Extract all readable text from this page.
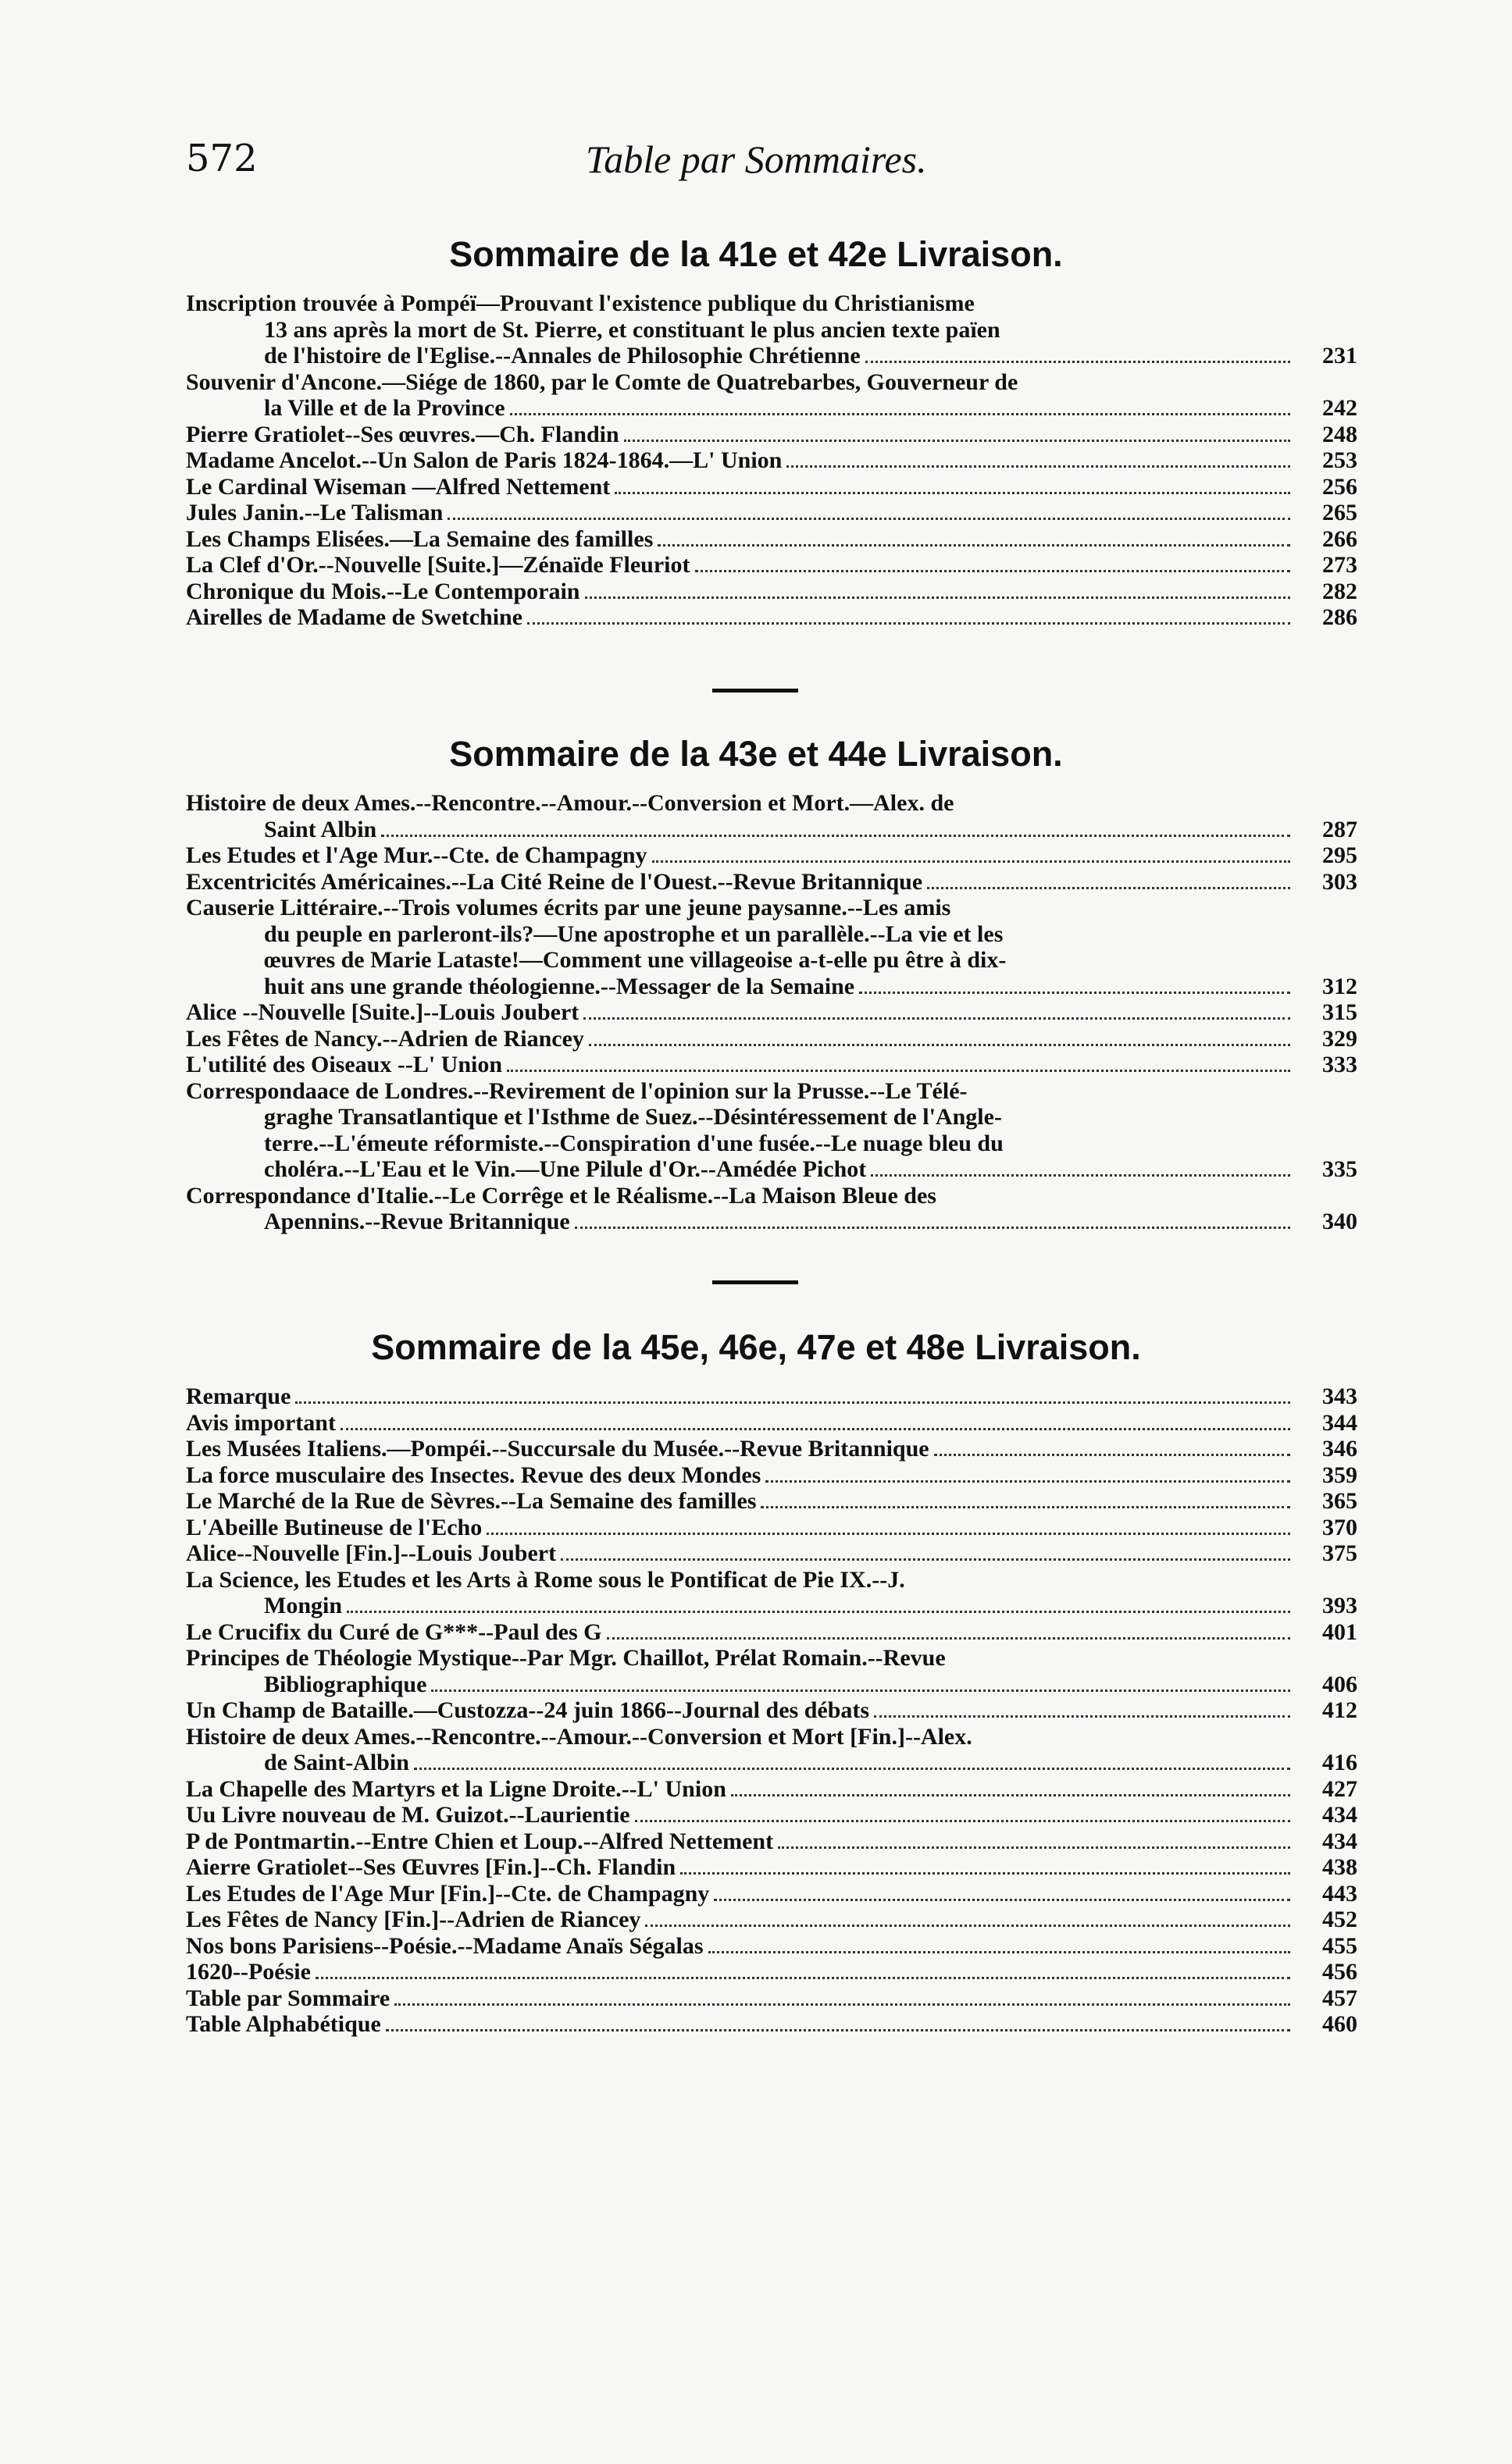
572	Table par Sommaires.
Sommaire de la 41e et 42e Livraison.
Inscription trouvée à Pompéï—Prouvant l'existence publique du Christianisme
13 ans après la mort de St. Pierre, et constituant le plus ancien texte païen
de l'histoire de l'Eglise.--Annales de Philosophie Chrétienne	231
Souvenir d'Ancone.—Siége de 1860, par le Comte de Quatrebarbes, Gouverneur de
la Ville et de la Province	242
Pierre Gratiolet--Ses œuvres.—Ch. Flandin	248
Madame Ancelot.--Un Salon de Paris 1824-1864.—L' Union	253
Le Cardinal Wiseman —Alfred Nettement	256
Jules Janin.--Le Talisman	265
Les Champs Elisées.—La Semaine des familles	266
La Clef d'Or.--Nouvelle [Suite.]—Zénaïde Fleuriot	273
Chronique du Mois.--Le Contemporain	282
Airelles de Madame de Swetchine	286
Sommaire de la 43e et 44e Livraison.
Histoire de deux Ames.--Rencontre.--Amour.--Conversion et Mort.—Alex. de
Saint Albin	287
Les Etudes et l'Age Mur.--Cte. de Champagny	295
Excentricités Américaines.--La Cité Reine de l'Ouest.--Revue Britannique	303
Causerie Littéraire.--Trois volumes écrits par une jeune paysanne.--Les amis
du peuple en parleront-ils?—Une apostrophe et un parallèle.--La vie et les
œuvres de Marie Lataste!—Comment une villageoise a-t-elle pu être à dix-
huit ans une grande théologienne.--Messager de la Semaine	312
Alice --Nouvelle [Suite.]--Louis Joubert	315
Les Fêtes de Nancy.--Adrien de Riancey	329
L'utilité des Oiseaux --L' Union	333
Correspondaace de Londres.--Revirement de l'opinion sur la Prusse.--Le Télé-
graghe Transatlantique et l'Isthme de Suez.--Désintéressement de l'Angle-
terre.--L'émeute réformiste.--Conspiration d'une fusée.--Le nuage bleu du
choléra.--L'Eau et le Vin.—Une Pilule d'Or.--Amédée Pichot	335
Correspondance d'Italie.--Le Corrêge et le Réalisme.--La Maison Bleue des
Apennins.--Revue Britannique	340
Sommaire de la 45e, 46e, 47e et 48e Livraison.
Remarque	343
Avis important	344
Les Musées Italiens.—Pompéi.--Succursale du Musée.--Revue Britannique	346
La force musculaire des Insectes. Revue des deux Mondes	359
Le Marché de la Rue de Sèvres.--La Semaine des familles	365
L'Abeille Butineuse de l'Echo	370
Alice--Nouvelle [Fin.]--Louis Joubert	375
La Science, les Etudes et les Arts à Rome sous le Pontificat de Pie IX.--J.
Mongin	393
Le Crucifix du Curé de G***--Paul des G	401
Principes de Théologie Mystique--Par Mgr. Chaillot, Prélat Romain.--Revue
Bibliographique	406
Un Champ de Bataille.—Custozza--24 juin 1866--Journal des débats	412
Histoire de deux Ames.--Rencontre.--Amour.--Conversion et Mort [Fin.]--Alex.
de Saint-Albin	416
La Chapelle des Martyrs et la Ligne Droite.--L' Union	427
Uu Livre nouveau de M. Guizot.--Laurientie	434
P de Pontmartin.--Entre Chien et Loup.--Alfred Nettement	434
Aierre Gratiolet--Ses Œuvres [Fin.]--Ch. Flandin	438
Les Etudes de l'Age Mur [Fin.]--Cte. de Champagny	443
Les Fêtes de Nancy [Fin.]--Adrien de Riancey	452
Nos bons Parisiens--Poésie.--Madame Anaïs Ségalas	455
1620--Poésie	456
Table par Sommaire	457
Table Alphabétique	460
